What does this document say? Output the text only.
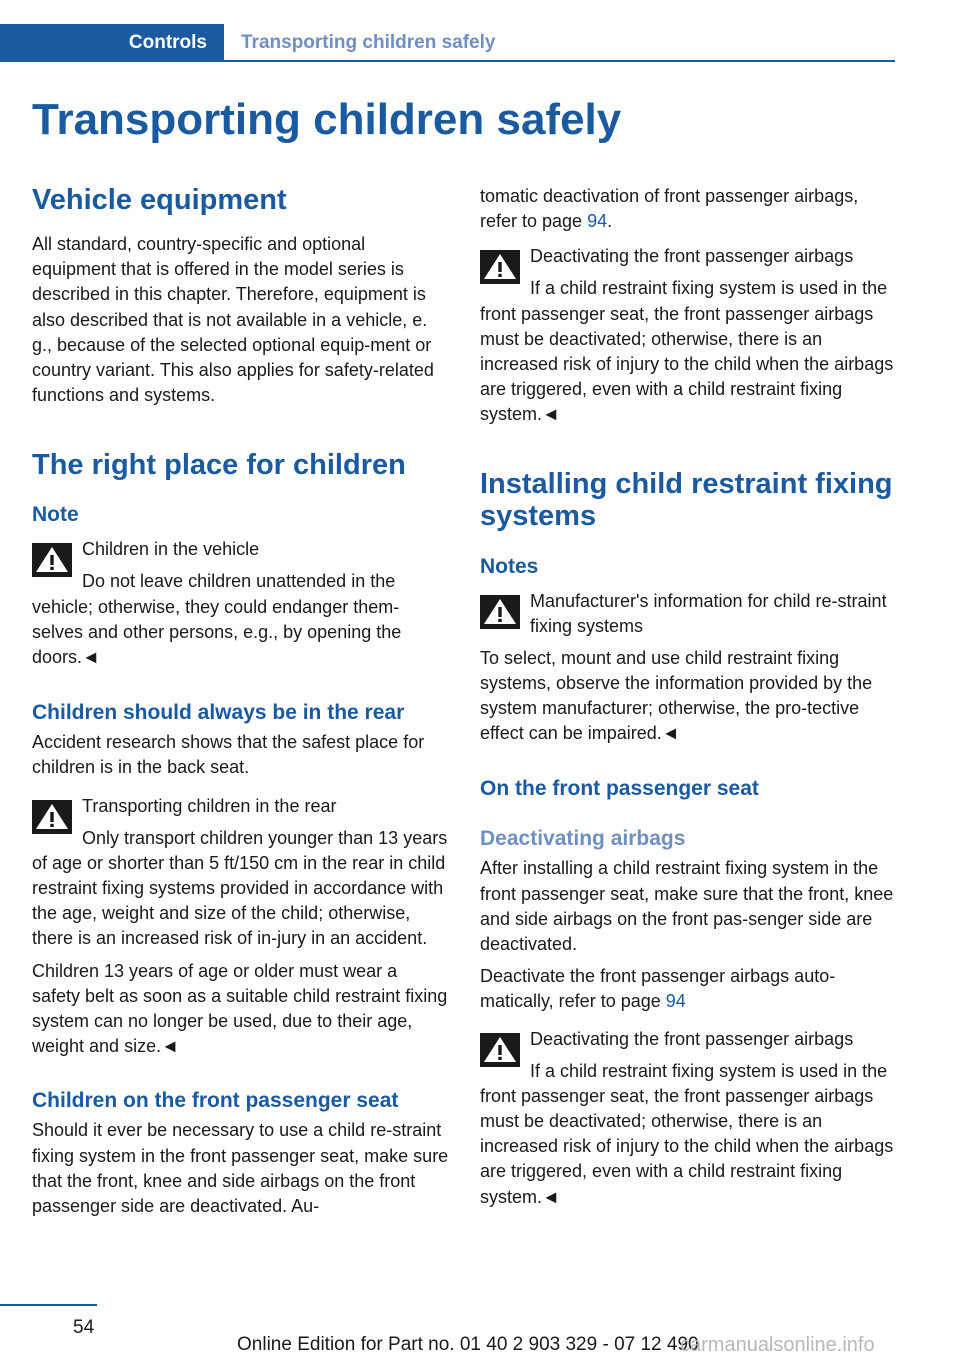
Controls	Transporting children safely
Transporting children safely
Vehicle equipment
All standard, country-specific and optional equipment that is offered in the model series is described in this chapter. Therefore, equipment is also described that is not available in a vehicle, e. g., because of the selected optional equip-ment or country variant. This also applies for safety-related functions and systems.
The right place for children
Note
Children in the vehicle
Do not leave children unattended in the vehicle; otherwise, they could endanger them-selves and other persons, e.g., by opening the doors.◄
Children should always be in the rear
Accident research shows that the safest place for children is in the back seat.
Transporting children in the rear
Only transport children younger than 13 years of age or shorter than 5 ft/150 cm in the rear in child restraint fixing systems provided in accordance with the age, weight and size of the child; otherwise, there is an increased risk of in-jury in an accident.
Children 13 years of age or older must wear a safety belt as soon as a suitable child restraint fixing system can no longer be used, due to their age, weight and size.◄
Children on the front passenger seat
Should it ever be necessary to use a child re-straint fixing system in the front passenger seat, make sure that the front, knee and side airbags on the front passenger side are deactivated. Au-
tomatic deactivation of front passenger airbags, refer to page 94.
Deactivating the front passenger airbags
If a child restraint fixing system is used in the front passenger seat, the front passenger airbags must be deactivated; otherwise, there is an increased risk of injury to the child when the airbags are triggered, even with a child restraint fixing system.◄
Installing child restraint fixing systems
Notes
Manufacturer's information for child re-straint fixing systems
To select, mount and use child restraint fixing systems, observe the information provided by the system manufacturer; otherwise, the pro-tective effect can be impaired.◄
On the front passenger seat
Deactivating airbags
After installing a child restraint fixing system in the front passenger seat, make sure that the front, knee and side airbags on the front pas-senger side are deactivated.
Deactivate the front passenger airbags auto-matically, refer to page 94
Deactivating the front passenger airbags
If a child restraint fixing system is used in the front passenger seat, the front passenger airbags must be deactivated; otherwise, there is an increased risk of injury to the child when the airbags are triggered, even with a child restraint fixing system.◄
54
Online Edition for Part no. 01 40 2 903 329 - 07 12 490
carmanualsonline.info
